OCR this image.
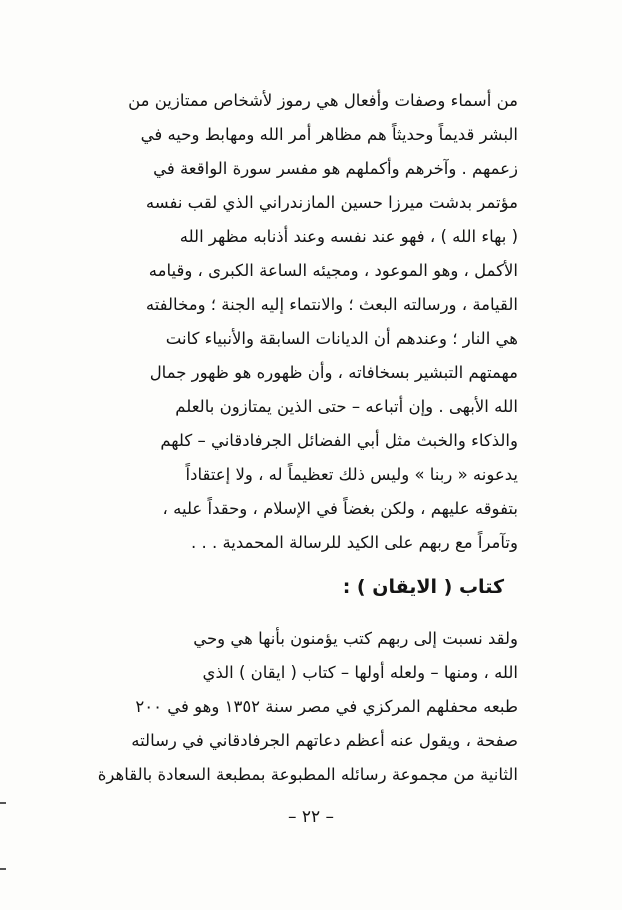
من أسماء وصفات وأفعال هي رموز لأشخاص ممتازين من
البشر قديماً وحديثاً هم مظاهر أمر الله ومهابط وحيه في
زعمهم . وآخرهم وأكملهم هو مفسر سورة الواقعة في
مؤتمر بدشت ميرزا حسين المازندراني الذي لقب نفسه
( بهاء الله ) ، فهو عند نفسه وعند أذنابه مظهر الله
الأكمل ، وهو الموعود ، ومجيئه الساعة الكبرى ، وقيامه
القيامة ، ورسالته البعث ؛ والانتماء إليه الجنة ؛ ومخالفته
هي النار ؛ وعندهم أن الديانات السابقة والأنبياء كانت
مهمتهم التبشير بسخافاته ، وأن ظهوره هو ظهور جمال
الله الأبهى . وإن أتباعه – حتى الذين يمتازون بالعلم
والذكاء والخبث مثل أبي الفضائل الجرفادقاني – كلهم
يدعونه « ربنا » وليس ذلك تعظيماً له ، ولا إعتقاداً
بتفوقه عليهم ، ولكن بغضاً في الإسلام ، وحقداً عليه ،
وتآمراً مع ربهم على الكيد للرسالة المحمدية . . .
كتاب ( الايقان ) :
ولقد نسبت إلى ربهم كتب يؤمنون بأنها هي وحي
الله ، ومنها – ولعله أولها – كتاب ( ايقان ) الذي
طبعه محفلهم المركزي في مصر سنة ١٣٥٢ وهو في ٢٠٠
صفحة ، ويقول عنه أعظم دعاتهم الجرفادقاني في رسالته
الثانية من مجموعة رسائله المطبوعة بمطبعة السعادة بالقاهرة
– ٢٢ –
